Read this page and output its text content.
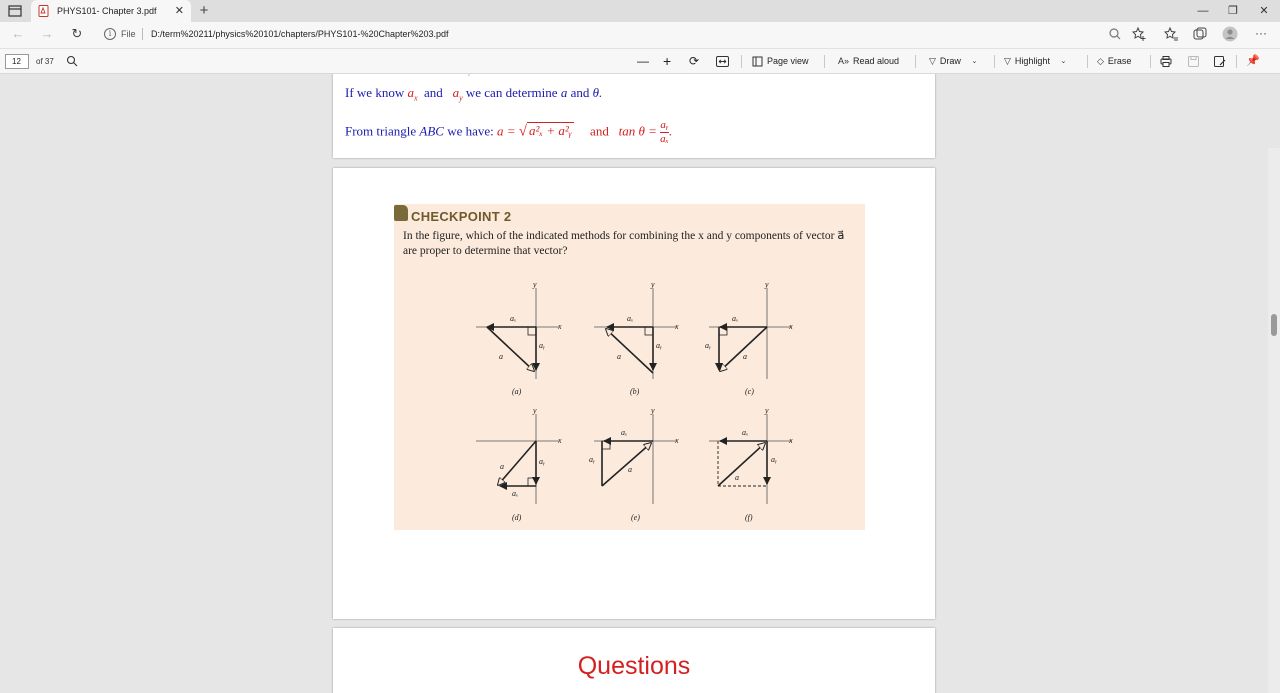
PHYS101- Chapter 3.pdf ✕	+	—	❐	✕
←	→	↻	i	File D:/term%20211/physics%20101/chapters/PHYS101-%20Chapter%203.pdf	···
12	of 37	— + ⟳	Page view	A» Read aloud	▽ Draw ⌄	▽ Highlight ⌄	◇ Erase	📌
If we know $a_x$ and $a_y$ we can determine a and θ.
From triangle ABC we have: a = √ a²ₓ + a²ᵧ and $\tan \theta = \frac{\text{aᵧ}}{\text{aₓ}}$ .
CHECKPOINT 2
In the figure, which of the indicated methods for combining the x and y components of vector a⃗ are proper to determine that vector?
x
y
aₓ
aᵧ
a⃗
(a)
x
y
aₓ
aᵧ
a⃗
(b)
x
y
aₓ
aᵧ
a⃗
(c)
x
y
aₓ
aᵧ
a⃗
(d)
x
y
aₓ
aᵧ
a⃗
(e)
x
y
aₓ
aᵧ
a⃗
(f)
Questions
